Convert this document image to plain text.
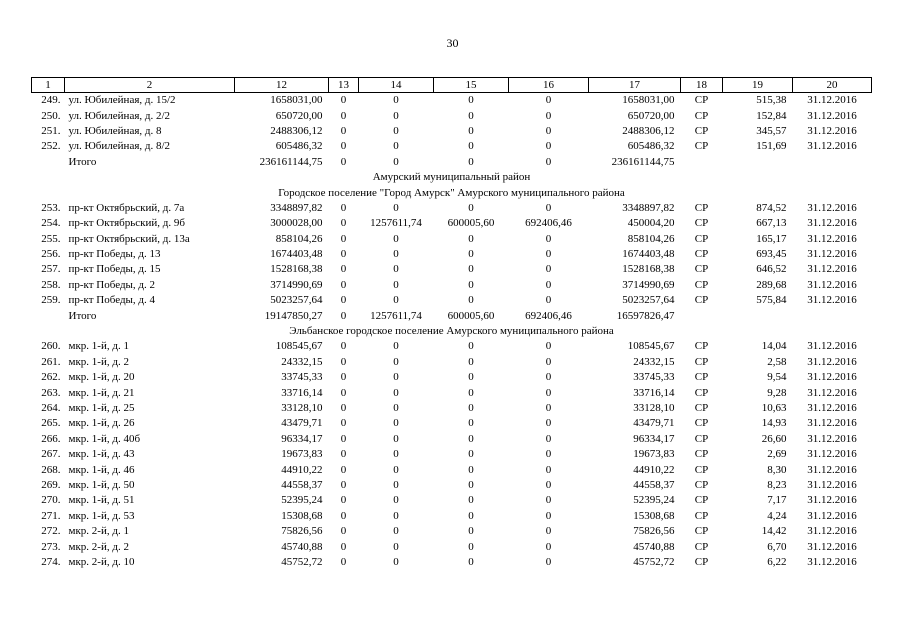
30
1	2	12	13	14	15	16	17	18	19	20
249.	ул. Юбилейная, д. 15/2	1658031,00	0	0	0	0	1658031,00	СР	515,38	31.12.2016
250.	ул. Юбилейная, д. 2/2	650720,00	0	0	0	0	650720,00	СР	152,84	31.12.2016
251.	ул. Юбилейная, д. 8	2488306,12	0	0	0	0	2488306,12	СР	345,57	31.12.2016
252.	ул. Юбилейная, д. 8/2	605486,32	0	0	0	0	605486,32	СР	151,69	31.12.2016
	Итого	236161144,75	0	0	0	0	236161144,75			
Амурский муниципальный район										
Городское поселение "Город Амурск" Амурского муниципального района										
253.	пр-кт Октябрьский, д. 7а	3348897,82	0	0	0	0	3348897,82	СР	874,52	31.12.2016
254.	пр-кт Октябрьский, д. 9б	3000028,00	0	1257611,74	600005,60	692406,46	450004,20	СР	667,13	31.12.2016
255.	пр-кт Октябрьский, д. 13а	858104,26	0	0	0	0	858104,26	СР	165,17	31.12.2016
256.	пр-кт Победы, д. 13	1674403,48	0	0	0	0	1674403,48	СР	693,45	31.12.2016
257.	пр-кт Победы, д. 15	1528168,38	0	0	0	0	1528168,38	СР	646,52	31.12.2016
258.	пр-кт Победы, д. 2	3714990,69	0	0	0	0	3714990,69	СР	289,68	31.12.2016
259.	пр-кт Победы, д. 4	5023257,64	0	0	0	0	5023257,64	СР	575,84	31.12.2016
	Итого	19147850,27	0	1257611,74	600005,60	692406,46	16597826,47			
Эльбанское городское поселение Амурского муниципального района										
260.	мкр. 1-й, д. 1	108545,67	0	0	0	0	108545,67	СР	14,04	31.12.2016
261.	мкр. 1-й, д. 2	24332,15	0	0	0	0	24332,15	СР	2,58	31.12.2016
262.	мкр. 1-й, д. 20	33745,33	0	0	0	0	33745,33	СР	9,54	31.12.2016
263.	мкр. 1-й, д. 21	33716,14	0	0	0	0	33716,14	СР	9,28	31.12.2016
264.	мкр. 1-й, д. 25	33128,10	0	0	0	0	33128,10	СР	10,63	31.12.2016
265.	мкр. 1-й, д. 26	43479,71	0	0	0	0	43479,71	СР	14,93	31.12.2016
266.	мкр. 1-й, д. 40б	96334,17	0	0	0	0	96334,17	СР	26,60	31.12.2016
267.	мкр. 1-й, д. 43	19673,83	0	0	0	0	19673,83	СР	2,69	31.12.2016
268.	мкр. 1-й, д. 46	44910,22	0	0	0	0	44910,22	СР	8,30	31.12.2016
269.	мкр. 1-й, д. 50	44558,37	0	0	0	0	44558,37	СР	8,23	31.12.2016
270.	мкр. 1-й, д. 51	52395,24	0	0	0	0	52395,24	СР	7,17	31.12.2016
271.	мкр. 1-й, д. 53	15308,68	0	0	0	0	15308,68	СР	4,24	31.12.2016
272.	мкр. 2-й, д. 1	75826,56	0	0	0	0	75826,56	СР	14,42	31.12.2016
273.	мкр. 2-й, д. 2	45740,88	0	0	0	0	45740,88	СР	6,70	31.12.2016
274.	мкр. 2-й, д. 10	45752,72	0	0	0	0	45752,72	СР	6,22	31.12.2016
